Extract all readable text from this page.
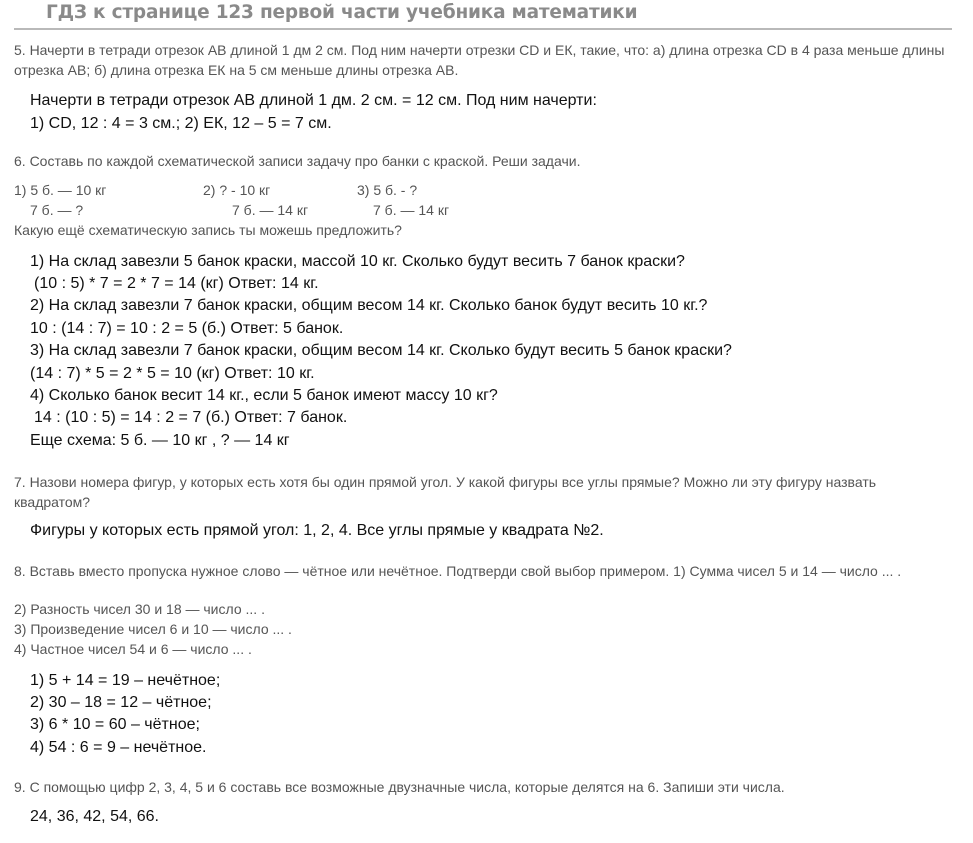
ГДЗ к странице 123 первой части учебника математики
5. Начерти в тетради отрезок АВ длиной 1 дм 2 см. Под ним начерти отрезки CD и ЕК, такие, что: а) длина отрезка CD в 4 раза меньше длины отрезка АВ; б) длина отрезка ЕК на 5 см меньше длины отрезка АВ.
Начерти в тетради отрезок АВ длиной 1 дм. 2 см. = 12 см. Под ним начерти:
1) CD, 12 : 4 = 3 см.; 2) ЕК, 12 – 5 = 7 см.
6. Составь по каждой схематической записи задачу про банки с краской. Реши задачи.
1) 5 б. — 10 кг
7 б. — ?
2) ? - 10 кг
7 б. — 14 кг
3) 5 б. - ?
7 б. — 14 кг
Какую ещё схематическую запись ты можешь предложить?
1) На склад завезли 5 банок краски, массой 10 кг. Сколько будут весить 7 банок краски?
(10 : 5) * 7 = 2 * 7 = 14 (кг) Ответ: 14 кг.
2) На склад завезли 7 банок краски, общим весом 14 кг. Сколько банок будут весить 10 кг.?
10 : (14 : 7) = 10 : 2 = 5 (б.) Ответ: 5 банок.
3) На склад завезли 7 банок краски, общим весом 14 кг. Сколько будут весить 5 банок краски?
(14 : 7) * 5 = 2 * 5 = 10 (кг) Ответ: 10 кг.
4) Сколько банок весит 14 кг., если 5 банок имеют массу 10 кг?
14 : (10 : 5) = 14 : 2 = 7 (б.) Ответ: 7 банок.
Еще схема: 5 б. — 10 кг , ? — 14 кг
7. Назови номера фигур, у которых есть хотя бы один прямой угол. У какой фигуры все углы прямые? Можно ли эту фигуру назвать квадратом?
Фигуры у которых есть прямой угол: 1, 2, 4. Все углы прямые у квадрата №2.
8. Вставь вместо пропуска нужное слово — чётное или нечётное. Подтверди свой выбор примером. 1) Сумма чисел 5 и 14 — число ... .
2) Разность чисел 30 и 18 — число ... .
3) Произведение чисел 6 и 10 — число ... .
4) Частное чисел 54 и 6 — число ... .
1) 5 + 14 = 19 – нечётное;
2) 30 – 18 = 12 – чётное;
3) 6 * 10 = 60 – чётное;
4) 54 : 6 = 9 – нечётное.
9. С помощью цифр 2, 3, 4, 5 и 6 составь все возможные двузначные числа, которые делятся на 6. Запиши эти числа.
24, 36, 42, 54, 66.
